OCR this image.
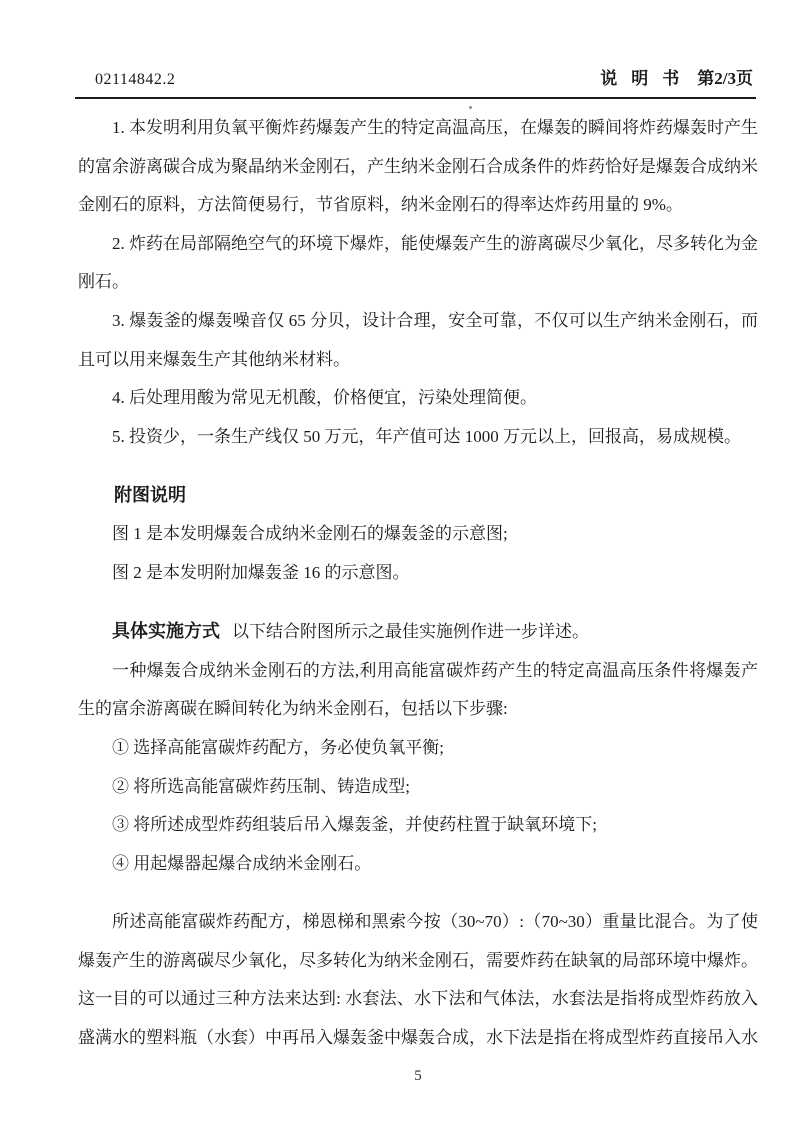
02114842.2	说明书 第2/3页

1. 本发明利用负氧平衡炸药爆轰产生的特定高温高压，在爆轰的瞬间将炸药爆轰时产生的富余游离碳合成为聚晶纳米金刚石，产生纳米金刚石合成条件的炸药恰好是爆轰合成纳米金刚石的原料，方法简便易行，节省原料，纳米金刚石的得率达炸药用量的 9%。

2. 炸药在局部隔绝空气的环境下爆炸，能使爆轰产生的游离碳尽少氧化，尽多转化为金刚石。

3. 爆轰釜的爆轰噪音仅 65 分贝，设计合理，安全可靠，不仅可以生产纳米金刚石，而且可以用来爆轰生产其他纳米材料。

4. 后处理用酸为常见无机酸，价格便宜，污染处理简便。

5. 投资少，一条生产线仅 50 万元，年产值可达 1000 万元以上，回报高，易成规模。

附图说明

图 1 是本发明爆轰合成纳米金刚石的爆轰釜的示意图;

图 2 是本发明附加爆轰釜 16 的示意图。

具体实施方式 以下结合附图所示之最佳实施例作进一步详述。

一种爆轰合成纳米金刚石的方法,利用高能富碳炸药产生的特定高温高压条件将爆轰产生的富余游离碳在瞬间转化为纳米金刚石，包括以下步骤:

① 选择高能富碳炸药配方，务必使负氧平衡;

② 将所选高能富碳炸药压制、铸造成型;

③ 将所述成型炸药组装后吊入爆轰釜，并使药柱置于缺氧环境下;

④ 用起爆器起爆合成纳米金刚石。

所述高能富碳炸药配方，梯恩梯和黑索今按（30~70）:（70~30）重量比混合。为了使爆轰产生的游离碳尽少氧化，尽多转化为纳米金刚石，需要炸药在缺氧的局部环境中爆炸。这一目的可以通过三种方法来达到: 水套法、水下法和气体法，水套法是指将成型炸药放入盛满水的塑料瓶（水套）中再吊入爆轰釜中爆轰合成，水下法是指在将成型炸药直接吊入水

5
